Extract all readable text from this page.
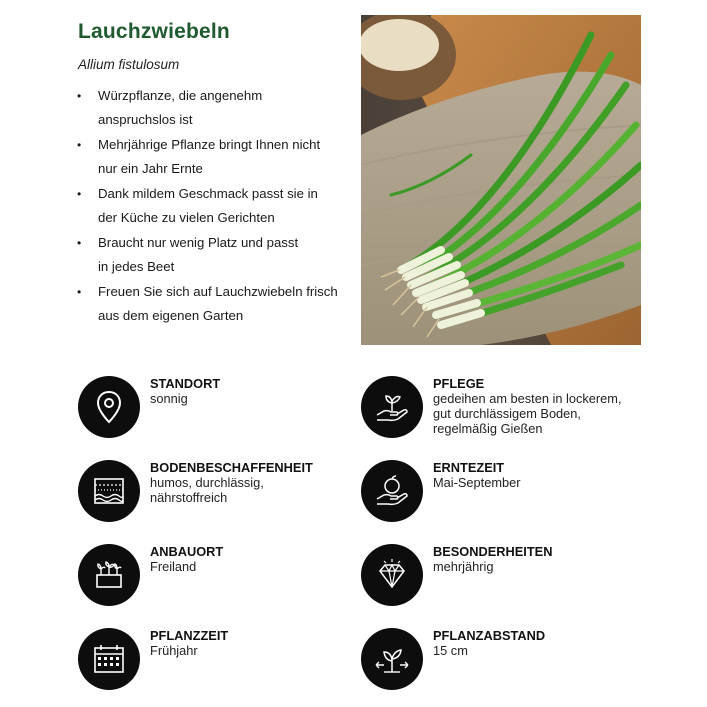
Lauchzwiebeln

Allium fistulosum

• Würzpflanze, die angenehm
anspruchslos ist
• Mehrjährige Pflanze bringt Ihnen nicht
nur ein Jahr Ernte
• Dank mildem Geschmack passt sie in
der Küche zu vielen Gerichten
• Braucht nur wenig Platz und passt
in jedes Beet
• Freuen Sie sich auf Lauchzwiebeln frisch
aus dem eigenen Garten
STANDORT
sonnig
BODENBESCHAFFENHEIT
humos, durchlässig,
nährstoffreich
ANBAUORT
Freiland
PFLANZZEIT
Frühjahr
PFLEGE
gedeihen am besten in lockerem,
gut durchlässigem Boden,
regelmäßig Gießen
ERNTEZEIT
Mai-September
BESONDERHEITEN
mehrjährig
PFLANZABSTAND
15 cm
